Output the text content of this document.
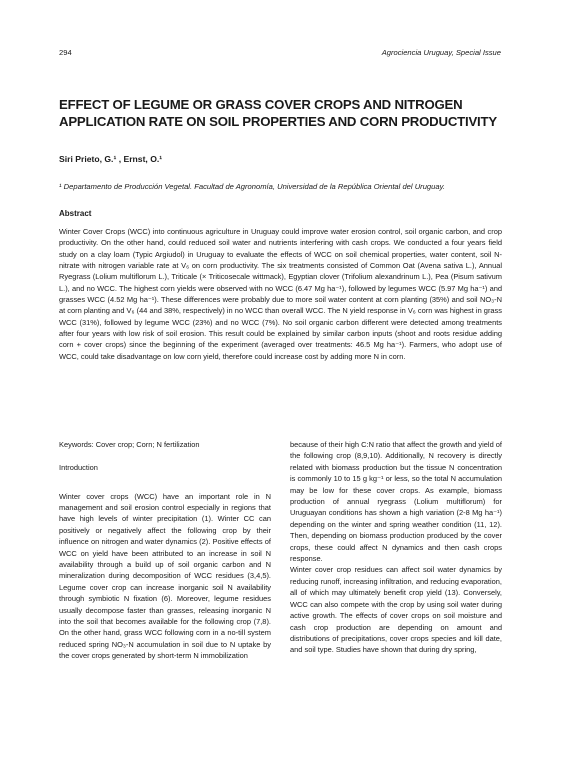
294	Agrociencia Uruguay, Special Issue
EFFECT OF LEGUME OR GRASS COVER CROPS AND NITROGEN
APPLICATION RATE ON SOIL PROPERTIES AND CORN PRODUCTIVITY
Siri Prieto, G.¹ , Ernst, O.¹
¹ Departamento de Producción Vegetal. Facultad de Agronomía, Universidad de la República Oriental del Uruguay.
Abstract
Winter Cover Crops (WCC) into continuous agriculture in Uruguay could improve water erosion control, soil organic carbon, and crop productivity. On the other hand, could reduced soil water and nutrients interfering with cash crops. We conducted a four years field study on a clay loam (Typic Argiudol) in Uruguay to evaluate the effects of WCC on soil chemical properties, water content, soil N-nitrate with nitrogen variable rate at V₆ on corn productivity. The six treatments consisted of Common Oat (Avena sativa L.), Annual Ryegrass (Lolium multiflorum L.), Triticale (× Triticosecale wittmack), Egyptian clover (Trifolium alexandrinum L.), Pea (Pisum sativum L.), and no WCC. The highest corn yields were observed with no WCC (6.47 Mg ha⁻¹), followed by legumes WCC (5.97 Mg ha⁻¹) and grasses WCC (4.52 Mg ha⁻¹). These differences were probably due to more soil water content at corn planting (35%) and soil NO₃-N at corn planting and V₆ (44 and 38%, respectively) in no WCC than overall WCC. The N yield response in V₆ corn was highest in grass WCC (31%), followed by legume WCC (23%) and no WCC (7%). No soil organic carbon different were detected among treatments after four years with low risk of soil erosion. This result could be explained by similar carbon inputs (shoot and roots residue adding corn + cover crops) since the beginning of the experiment (averaged over treatments: 46.5 Mg ha⁻¹). Farmers, who adopt use of WCC, could take disadvantage on low corn yield, therefore could increase cost by adding more N in corn.
Keywords: Cover crop; Corn; N fertilization
Introduction
Winter cover crops (WCC) have an important role in N management and soil erosion control especially in regions that have high levels of winter precipitation (1). Winter CC can positively or negatively affect the following crop by their influence on nitrogen and water dynamics (2). Positive effects of WCC on yield have been attributed to an increase in soil N availability through a build up of soil organic carbon and N mineralization during decomposition of WCC residues (3,4,5). Legume cover crop can increase inorganic soil N availability through symbiotic N fixation (6). Moreover, legume residues usually decompose faster than grasses, releasing inorganic N into the soil that becomes available for the following crop (7,8). On the other hand, grass WCC following corn in a no-till system reduced spring NO₃-N accumulation in soil due to N uptake by the cover crops generated by short-term N immobilization
because of their high C:N ratio that affect the growth and yield of the following crop (8,9,10). Additionally, N recovery is directly related with biomass production but the tissue N concentration is commonly 10 to 15 g kg⁻¹ or less, so the total N accumulation may be low for these cover crops. As example, biomass production of annual ryegrass (Lolium multiflorum) for Uruguayan conditions has shown a high variation (2-8 Mg ha⁻¹) depending on the winter and spring weather condition (11, 12). Then, depending on biomass production produced by the cover crops, these could affect N dynamics and then cash crops response.
Winter cover crop residues can affect soil water dynamics by reducing runoff, increasing infiltration, and reducing evaporation, all of which may ultimately benefit crop yield (13). Conversely, WCC can also compete with the crop by using soil water during active growth. The effects of cover crops on soil moisture and cash crop production are depending on amount and distributions of precipitations, cover crops species and kill date, and soil type. Studies have shown that during dry spring,
